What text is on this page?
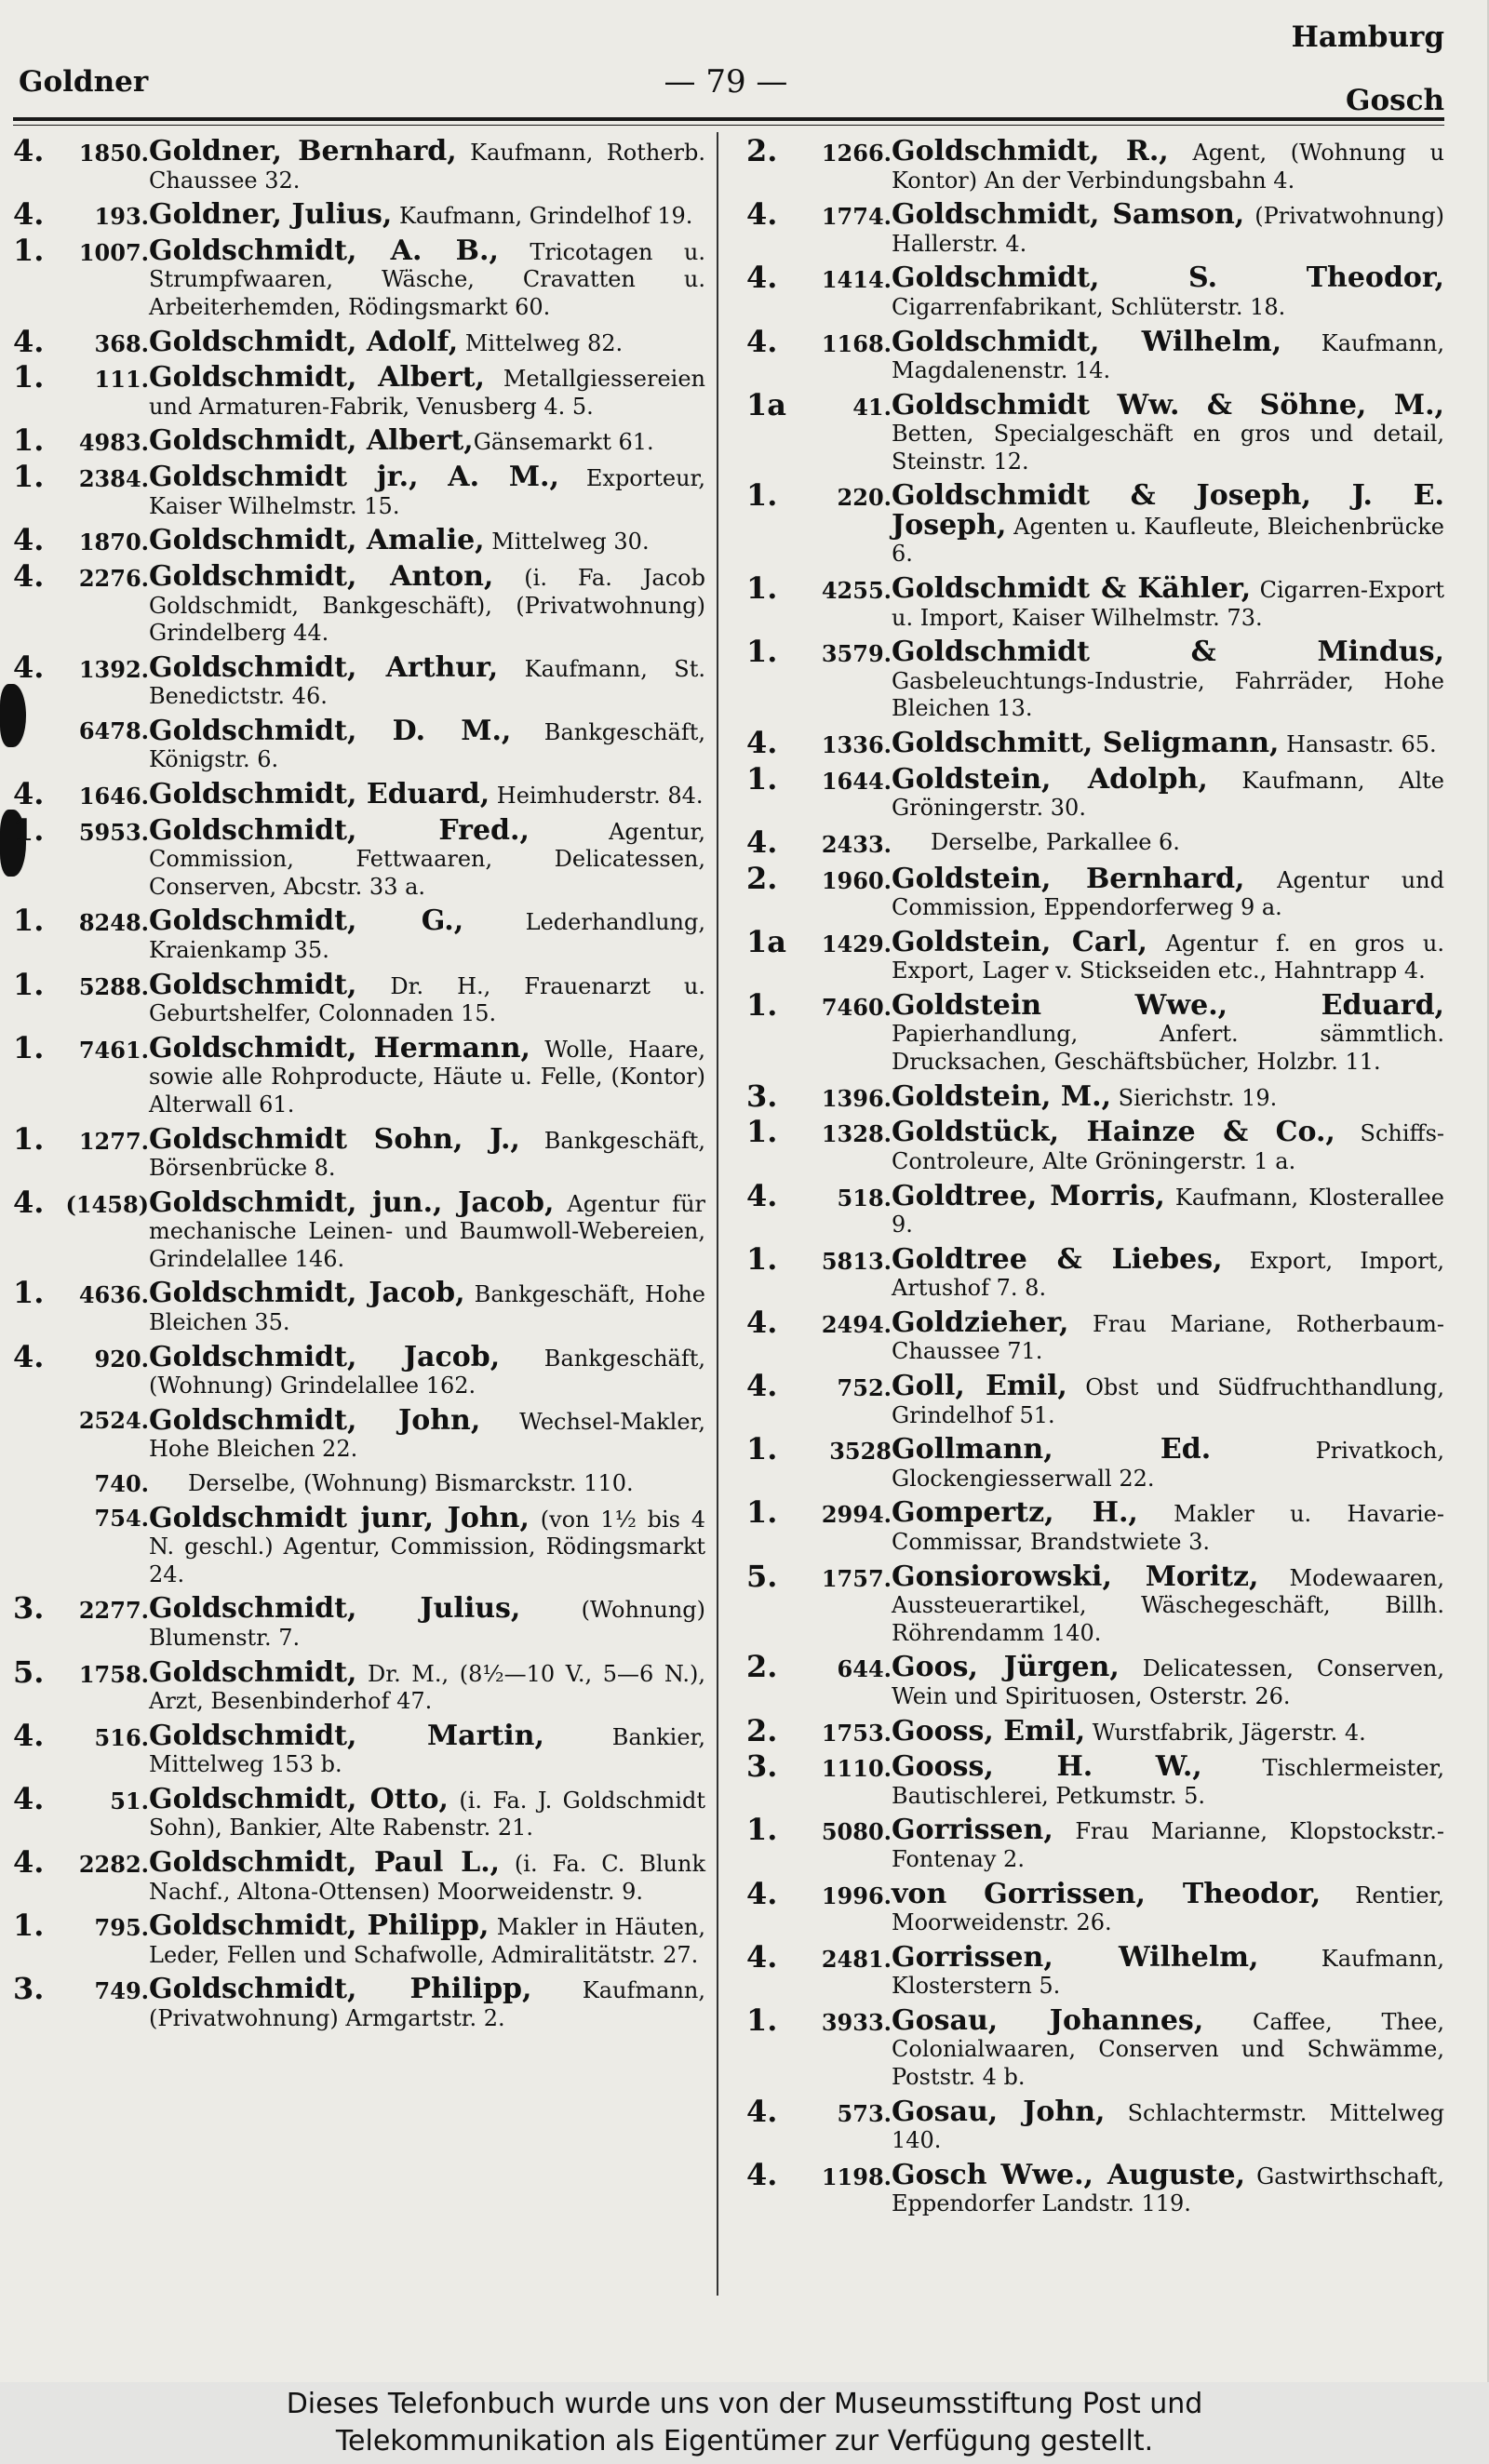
Hamburg
Goldner	— 79 —	Gosch
4. 1850. Goldner, Bernhard, Kaufmann, Rotherb. Chaussee 32.
4. 193. Goldner, Julius, Kaufmann, Grindelhof 19.
1. 1007. Goldschmidt, A. B., Tricotagen u. Strumpfwaaren, Wäsche, Cravatten u. Arbeiterhemden, Rödingsmarkt 60.
4. 368. Goldschmidt, Adolf, Mittelweg 82.
1. 111. Goldschmidt, Albert, Metallgiessereien und Armaturen-Fabrik, Venusberg 4. 5.
1. 4983. Goldschmidt, Albert,Gänsemarkt 61.
1. 2384. Goldschmidt jr., A. M., Exporteur, Kaiser Wilhelmstr. 15.
4. 1870. Goldschmidt, Amalie, Mittelweg 30.
4. 2276. Goldschmidt, Anton, (i. Fa. Jacob Goldschmidt, Bankgeschäft), (Privatwohnung) Grindelberg 44.
4. 1392. Goldschmidt, Arthur, Kaufmann, St. Benedictstr. 46.
6478. Goldschmidt, D. M., Bankgeschäft, Königstr. 6.
4. 1646. Goldschmidt, Eduard, Heimhuderstr. 84.
1. 5953. Goldschmidt, Fred., Agentur, Commission, Fettwaaren, Delicatessen, Conserven, Abcstr. 33 a.
1. 8248. Goldschmidt, G., Lederhandlung, Kraienkamp 35.
1. 5288. Goldschmidt, Dr. H., Frauenarzt u. Geburtshelfer, Colonnaden 15.
1. 7461. Goldschmidt, Hermann, Wolle, Haare, sowie alle Rohproducte, Häute u. Felle, (Kontor) Alterwall 61.
1. 1277. Goldschmidt Sohn, J., Bankgeschäft, Börsenbrücke 8.
4. (1458) Goldschmidt, jun., Jacob, Agentur für mechanische Leinen- und Baumwoll-Webereien, Grindelallee 146.
1. 4636. Goldschmidt, Jacob, Bankgeschäft, Hohe Bleichen 35.
4. 920. Goldschmidt, Jacob, Bankgeschäft, (Wohnung) Grindelallee 162.
2524. Goldschmidt, John, Wechsel-Makler, Hohe Bleichen 22.
740.	Derselbe, (Wohnung) Bismarckstr. 110.
754. Goldschmidt junr, John, (von 1½ bis 4 N. geschl.) Agentur, Commission, Rödingsmarkt 24.
3. 2277. Goldschmidt, Julius, (Wohnung) Blumenstr. 7.
5. 1758. Goldschmidt, Dr. M., (8½—10 V., 5—6 N.), Arzt, Besenbinderhof 47.
4. 516. Goldschmidt, Martin, Bankier, Mittelweg 153 b.
4.	51. Goldschmidt, Otto, (i. Fa. J. Goldschmidt Sohn), Bankier, Alte Rabenstr. 21.
4. 2282. Goldschmidt, Paul L., (i. Fa. C. Blunk Nachf., Altona-Ottensen) Moorweidenstr. 9.
1. 795. Goldschmidt, Philipp, Makler in Häuten, Leder, Fellen und Schafwolle, Admiralitätstr. 27.
3. 749. Goldschmidt, Philipp, Kaufmann, (Privatwohnung) Armgartstr. 2.
2. 1266. Goldschmidt, R., Agent, (Wohnung u Kontor) An der Verbindungsbahn 4.
4. 1774. Goldschmidt, Samson, (Privatwohnung) Hallerstr. 4.
4. 1414. Goldschmidt, S. Theodor, Cigarrenfabrikant, Schlüterstr. 18.
4. 1168. Goldschmidt, Wilhelm, Kaufmann, Magdalenenstr. 14.
1a	41. Goldschmidt Ww. & Söhne, M., Betten, Specialgeschäft en gros und detail, Steinstr. 12.
1.	220. Goldschmidt & Joseph, J. E. Joseph, Agenten u. Kaufleute, Bleichenbrücke 6.
1. 4255. Goldschmidt & Kähler, Cigarren-Export u. Import, Kaiser Wilhelmstr. 73.
1. 3579. Goldschmidt & Mindus, Gasbeleuchtungs-Industrie, Fahrräder, Hohe Bleichen 13.
4. 1336. Goldschmitt, Seligmann, Hansastr. 65.
1. 1644. Goldstein, Adolph, Kaufmann, Alte Gröningerstr. 30.
4. 2433.	Derselbe, Parkallee 6.
2. 1960. Goldstein, Bernhard, Agentur und Commission, Eppendorferweg 9 a.
1a 1429. Goldstein, Carl, Agentur f. en gros u. Export, Lager v. Stickseiden etc., Hahntrapp 4.
1. 7460. Goldstein Wwe., Eduard, Papierhandlung, Anfert. sämmtlich. Drucksachen, Geschäftsbücher, Holzbr. 11.
3. 1396. Goldstein, M., Sierichstr. 19.
1. 1328. Goldstück, Hainze & Co., Schiffs-Controleure, Alte Gröningerstr. 1 a.
4.	518. Goldtree, Morris, Kaufmann, Klosterallee 9.
1. 5813. Goldtree & Liebes, Export, Import, Artushof 7. 8.
4. 2494. Goldzieher, Frau Mariane, Rotherbaum-Chaussee 71.
4.	752. Goll, Emil, Obst und Südfruchthandlung, Grindelhof 51.
1. 3528 Gollmann, Ed. Privatkoch, Glockengiesserwall 22.
1. 2994. Gompertz, H., Makler u. Havarie-Commissar, Brandstwiete 3.
5. 1757. Gonsiorowski, Moritz, Modewaaren, Aussteuerartikel, Wäschegeschäft, Billh. Röhrendamm 140.
2.	644. Goos, Jürgen, Delicatessen, Conserven, Wein und Spirituosen, Osterstr. 26.
2. 1753. Gooss, Emil, Wurstfabrik, Jägerstr. 4.
3. 1110. Gooss, H. W., Tischlermeister, Bautischlerei, Petkumstr. 5.
1. 5080. Gorrissen, Frau Marianne, Klopstockstr.-Fontenay 2.
4. 1996. von Gorrissen, Theodor, Rentier, Moorweidenstr. 26.
4. 2481. Gorrissen, Wilhelm, Kaufmann, Klosterstern 5.
1. 3933. Gosau, Johannes, Caffee, Thee, Colonialwaaren, Conserven und Schwämme, Poststr. 4 b.
4.	573. Gosau, John, Schlachtermstr. Mittelweg 140.
4. 1198. Gosch Wwe., Auguste, Gastwirthschaft, Eppendorfer Landstr. 119.
Dieses Telefonbuch wurde uns von der Museumsstiftung Post und
Telekommunikation als Eigentümer zur Verfügung gestellt.
